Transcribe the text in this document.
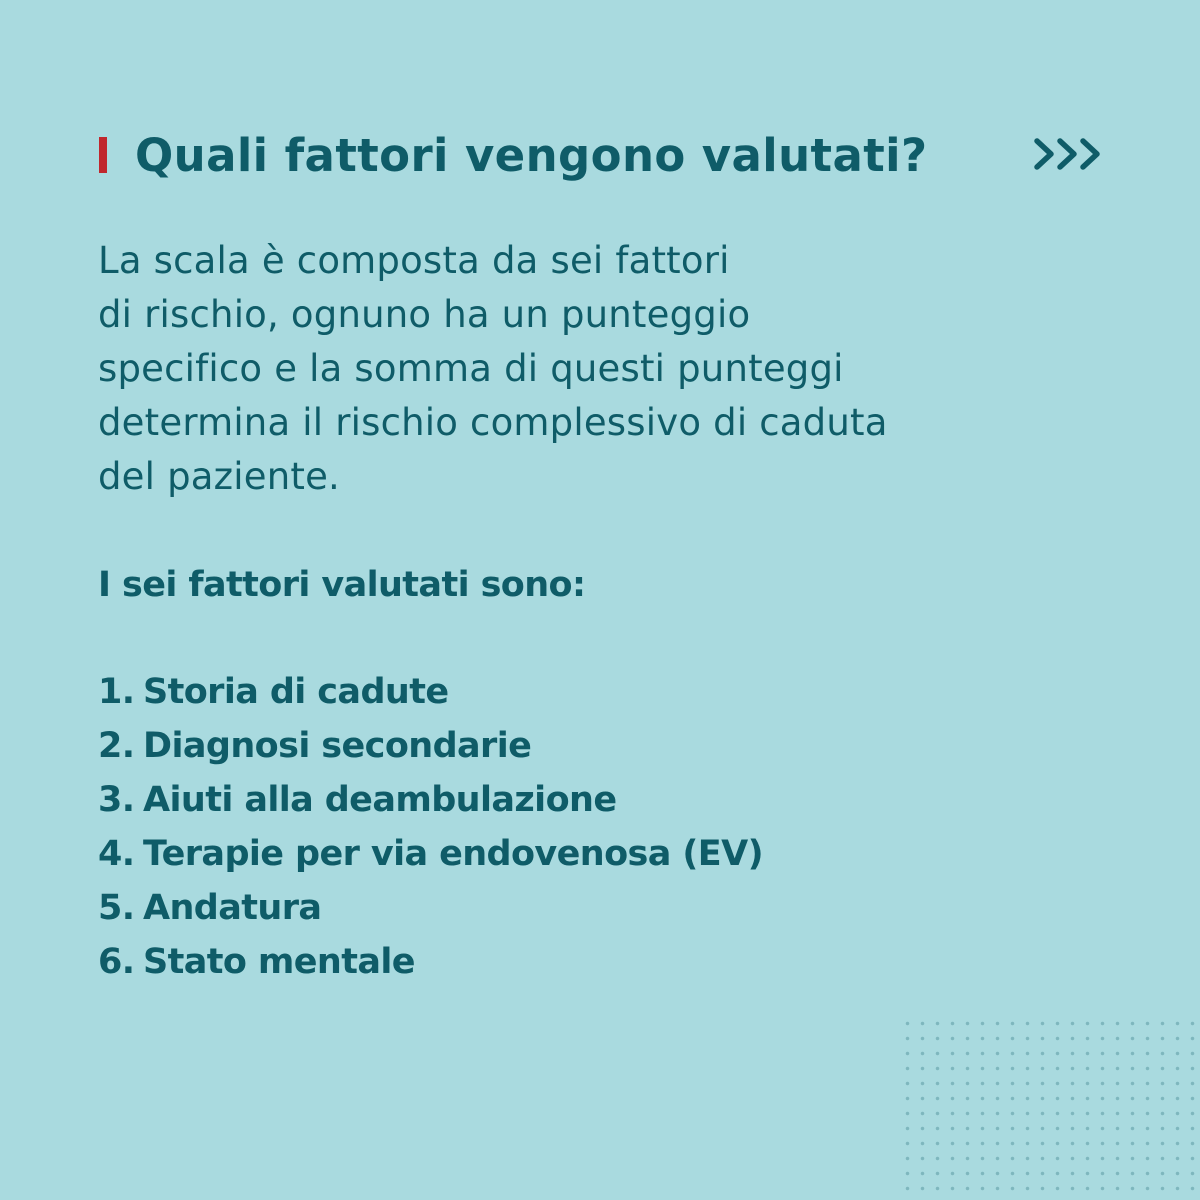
Quali fattori vengono valutati?

La scala è composta da sei fattori
di rischio, ognuno ha un punteggio
specifico e la somma di questi punteggi
determina il rischio complessivo di caduta
del paziente.

I sei fattori valutati sono:

1. Storia di cadute
2. Diagnosi secondarie
3. Aiuti alla deambulazione
4. Terapie per via endovenosa (EV)
5. Andatura
6. Stato mentale
